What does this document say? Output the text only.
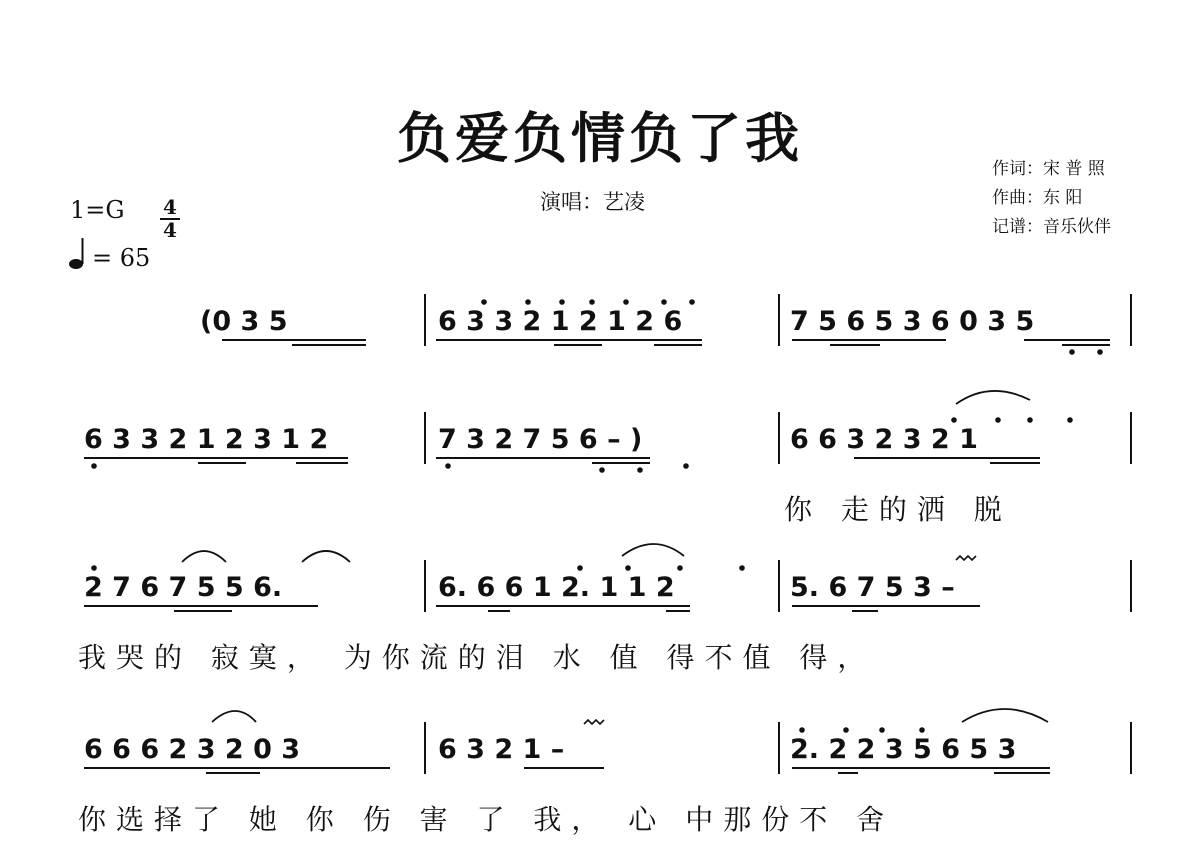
负爱负情负了我
演唱：艺凌
作词：宋 普 照
作曲：东 阳
记谱：音乐伙伴
1=G 4
4
= 65
(0 3 5	6 3 3 2 1 2 1 2 6	7 5 6 5 3 6 0 3 5
6 3 3 2 1 2 3 1 2	7 3 2 7 5 6 – )	6 6 3 2 3 2 1
你 走的洒 脱
2 7 6 7 5 5 6.	6. 6 6 1 2. 1 1 2	5. 6 7 5 3 –
我哭的 寂寞， 为你流的泪 水 值 得不值 得，
6 6 6 2 3 2 0 3	6 3 2 1 –	2. 2 2 3 5 6 5 3
你选择了 她 你 伤 害 了 我， 心 中那份不 舍
